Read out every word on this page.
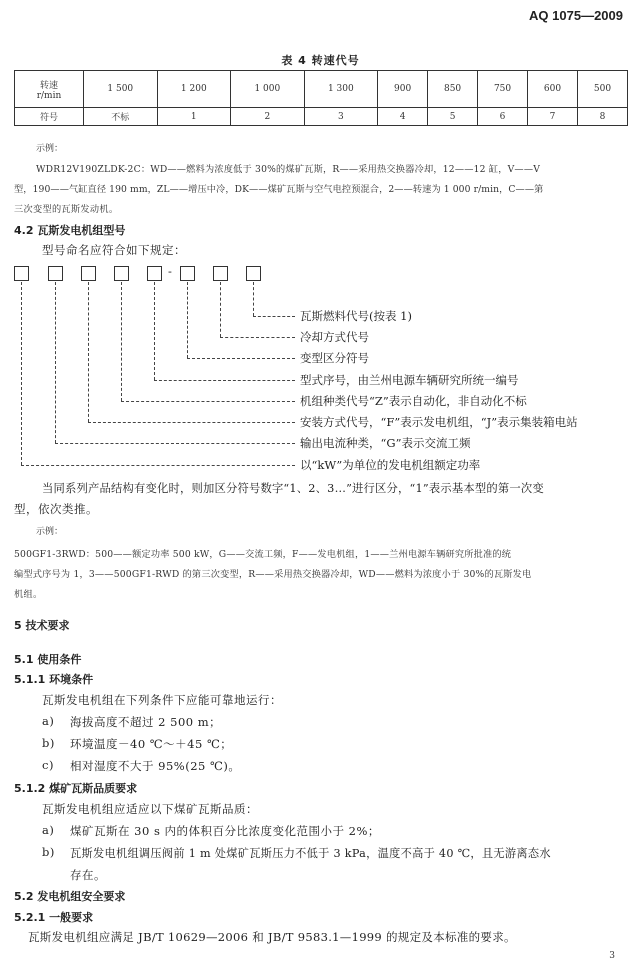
AQ 1075—2009
表 4 转速代号
转速
r/min	1 500	1 200	1 000	1 300	900	850	750	600	500
符号	不标	1	2	3	4	5	6	7	8
示例：
WDR12V190ZLDK-2C：WD——燃料为浓度低于 30%的煤矿瓦斯，R——采用热交换器冷却，12——12 缸，V——V
型，190——气缸直径 190 mm，ZL——增压中冷，DK——煤矿瓦斯与空气电控预混合，2——转速为 1 000 r/min，C——第
三次变型的瓦斯发动机。
4.2 瓦斯发电机组型号
型号命名应符合如下规定：
-
瓦斯燃料代号(按表 1)
冷却方式代号
变型区分符号
型式序号，由兰州电源车辆研究所统一编号
机组种类代号“Z”表示自动化，非自动化不标
安装方式代号，“F”表示发电机组，“J”表示集装箱电站
输出电流种类，“G”表示交流工频
以“kW”为单位的发电机组额定功率
当同系列产品结构有变化时，则加区分符号数字“1、2、3…”进行区分，“1”表示基本型的第一次变
型，依次类推。
示例：
500GF1-3RWD：500——额定功率 500 kW，G——交流工频，F——发电机组，1——兰州电源车辆研究所批准的统
编型式序号为 1，3——500GF1-RWD 的第三次变型，R——采用热交换器冷却，WD——燃料为浓度小于 30%的瓦斯发电
机组。
5 技术要求
5.1 使用条件
5.1.1 环境条件
瓦斯发电机组在下列条件下应能可靠地运行：
a) 海拔高度不超过 2 500 m；
b) 环境温度－40 ℃～＋45 ℃；
c) 相对湿度不大于 95%(25 ℃)。
5.1.2 煤矿瓦斯品质要求
瓦斯发电机组应适应以下煤矿瓦斯品质：
a) 煤矿瓦斯在 30 s 内的体积百分比浓度变化范围小于 2%；
b) 瓦斯发电机组调压阀前 1 m 处煤矿瓦斯压力不低于 3 kPa，温度不高于 40 ℃，且无游离态水
存在。
5.2 发电机组安全要求
5.2.1 一般要求
瓦斯发电机组应满足 JB/T 10629—2006 和 JB/T 9583.1—1999 的规定及本标准的要求。
3
